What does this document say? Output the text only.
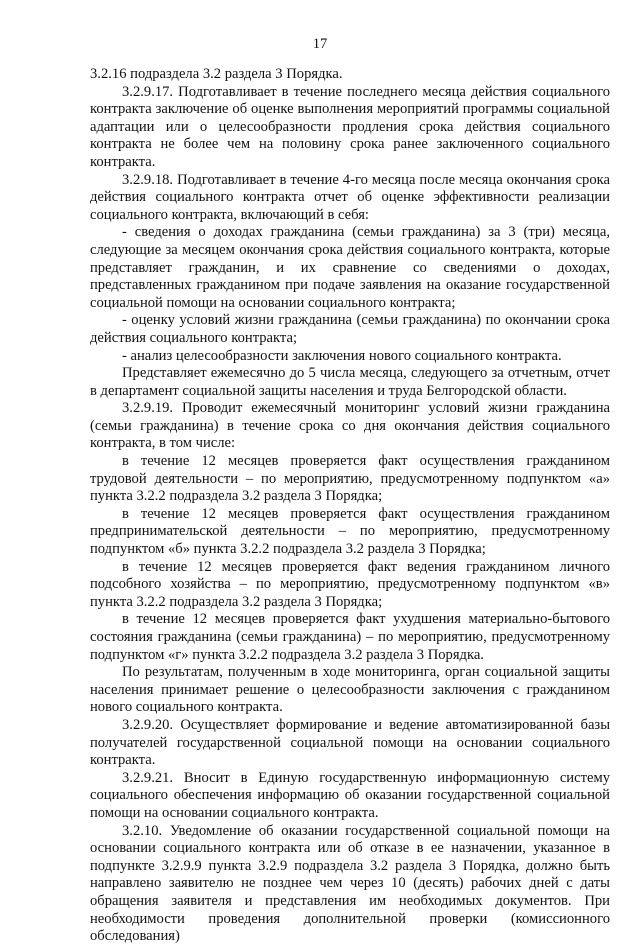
17

3.2.16 подраздела 3.2 раздела 3 Порядка.

3.2.9.17. Подготавливает в течение последнего месяца действия социального контракта заключение об оценке выполнения мероприятий программы социальной адаптации или о целесообразности продления срока действия социального контракта не более чем на половину срока ранее заключенного социального контракта.

3.2.9.18. Подготавливает в течение 4-го месяца после месяца окончания срока действия социального контракта отчет об оценке эффективности реализации социального контракта, включающий в себя:

- сведения о доходах гражданина (семьи гражданина) за 3 (три) месяца, следующие за месяцем окончания срока действия социального контракта, которые представляет гражданин, и их сравнение со сведениями о доходах, представленных гражданином при подаче заявления на оказание государственной социальной помощи на основании социального контракта;

- оценку условий жизни гражданина (семьи гражданина) по окончании срока действия социального контракта;

- анализ целесообразности заключения нового социального контракта.

Представляет ежемесячно до 5 числа месяца, следующего за отчетным, отчет в департамент социальной защиты населения и труда Белгородской области.

3.2.9.19. Проводит ежемесячный мониторинг условий жизни гражданина (семьи гражданина) в течение срока со дня окончания действия социального контракта, в том числе:

в течение 12 месяцев проверяется факт осуществления гражданином трудовой деятельности – по мероприятию, предусмотренному подпунктом «а» пункта 3.2.2 подраздела 3.2 раздела 3 Порядка;

в течение 12 месяцев проверяется факт осуществления гражданином предпринимательской деятельности – по мероприятию, предусмотренному подпунктом «б» пункта 3.2.2 подраздела 3.2 раздела 3 Порядка;

в течение 12 месяцев проверяется факт ведения гражданином личного подсобного хозяйства – по мероприятию, предусмотренному подпунктом «в» пункта 3.2.2 подраздела 3.2 раздела 3 Порядка;

в течение 12 месяцев проверяется факт ухудшения материально-бытового состояния гражданина (семьи гражданина) – по мероприятию, предусмотренному подпунктом «г» пункта 3.2.2 подраздела 3.2 раздела 3 Порядка.

По результатам, полученным в ходе мониторинга, орган социальной защиты населения принимает решение о целесообразности заключения с гражданином нового социального контракта.

3.2.9.20. Осуществляет формирование и ведение автоматизированной базы получателей государственной социальной помощи на основании социального контракта.

3.2.9.21. Вносит в Единую государственную информационную систему социального обеспечения информацию об оказании государственной социальной помощи на основании социального контракта.

3.2.10. Уведомление об оказании государственной социальной помощи на основании социального контракта или об отказе в ее назначении, указанное в подпункте 3.2.9.9 пункта 3.2.9 подраздела 3.2 раздела 3 Порядка, должно быть направлено заявителю не позднее чем через 10 (десять) рабочих дней с даты обращения заявителя и представления им необходимых документов. При необходимости проведения дополнительной проверки (комиссионного обследования)
